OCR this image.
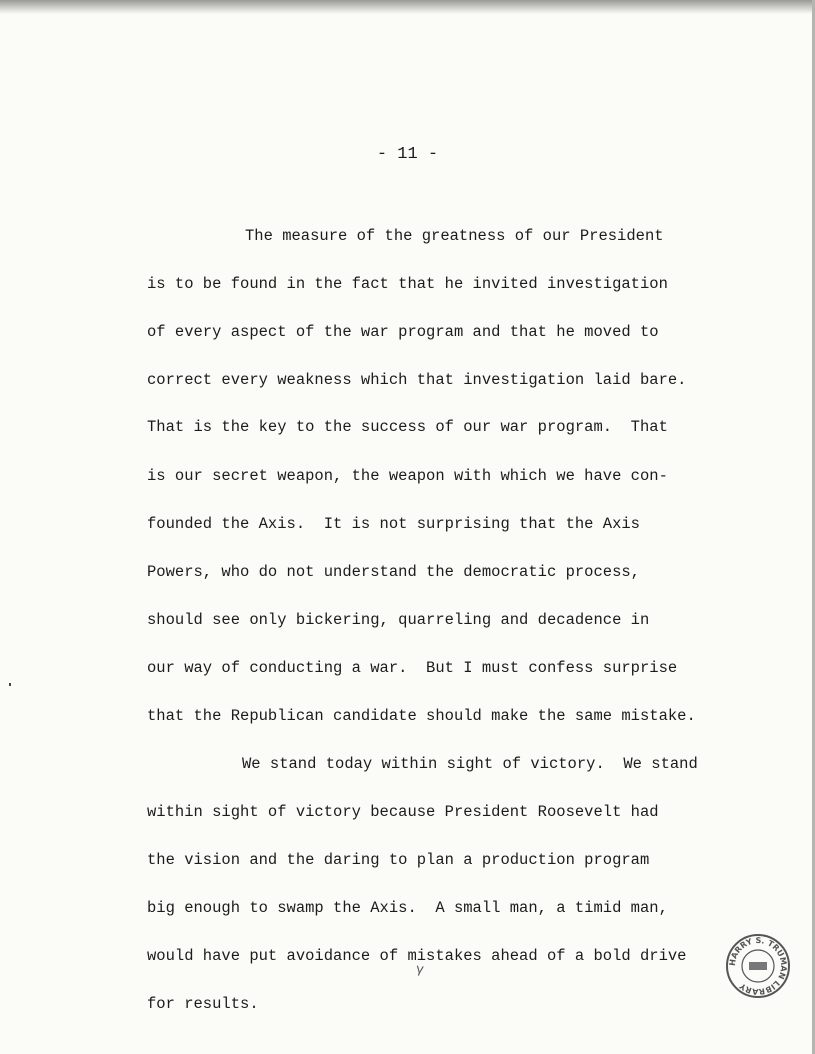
- 11 -
The measure of the greatness of our President
is to be found in the fact that he invited investigation
of every aspect of the war program and that he moved to
correct every weakness which that investigation laid bare.
That is the key to the success of our war program.  That
is our secret weapon, the weapon with which we have con-
founded the Axis.  It is not surprising that the Axis
Powers, who do not understand the democratic process,
should see only bickering, quarreling and decadence in
our way of conducting a war.  But I must confess surprise
that the Republican candidate should make the same mistake.
We stand today within sight of victory.  We stand
within sight of victory because President Roosevelt had
the vision and the daring to plan a production program
big enough to swamp the Axis.  A small man, a timid man,
would have put avoidance of mistakes ahead of a bold drive
for results.
γ	HARRY S. TRUMAN LIBRARY
